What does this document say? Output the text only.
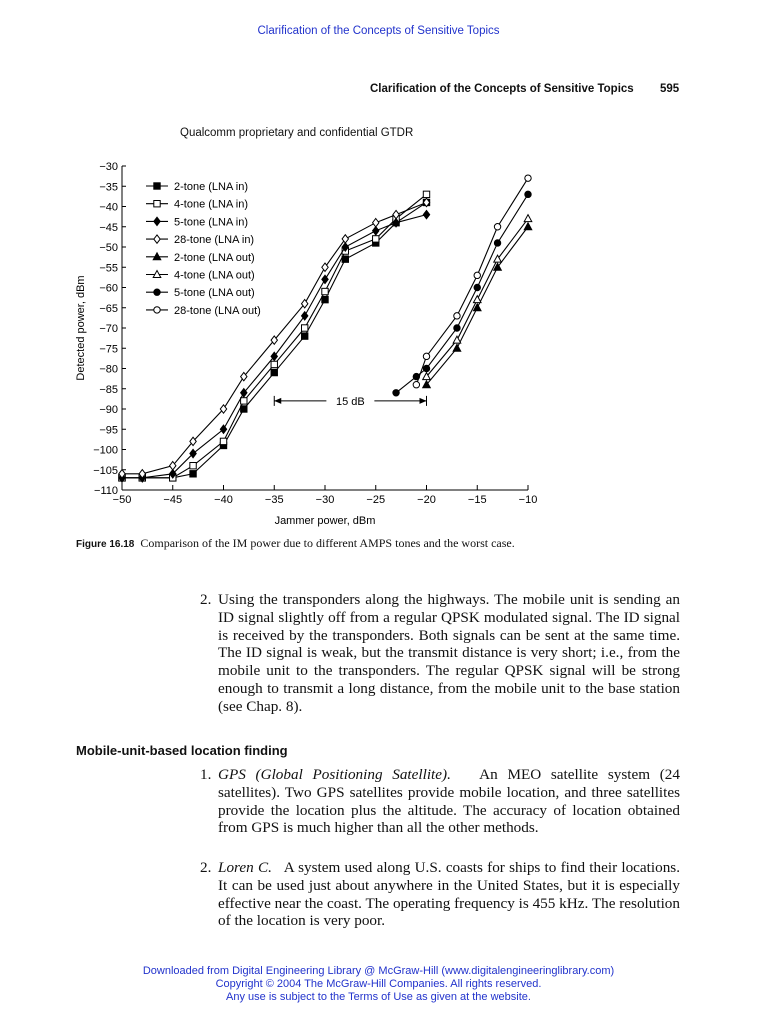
Clarification of the Concepts of Sensitive Topics
Clarification of the Concepts of Sensitive Topics 595
Qualcomm proprietary and confidential GTDR
−30
−35
−40
−45
−50
−55
−60
−65
−70
−75
−80
−85
−90
−95
−100
−105
−110
−50	−45	−40	−35	−30	−25	−20	−15	−10
Jammer power, dBm
Detected power, dBm
2-tone (LNA in)
4-tone (LNA in)
5-tone (LNA in)
28-tone (LNA in)
2-tone (LNA out)
4-tone (LNA out)
5-tone (LNA out)
28-tone (LNA out)
15 dB
Figure 16.18 Comparison of the IM power due to different AMPS tones and the worst case.
2. Using the transponders along the highways. The mobile unit is sending an ID signal slightly off from a regular QPSK modulated signal. The ID signal is received by the transponders. Both signals can be sent at the same time. The ID signal is weak, but the transmit distance is very short; i.e., from the mobile unit to the transponders. The regular QPSK signal will be strong enough to transmit a long distance, from the mobile unit to the base station (see Chap. 8).
Mobile-unit-based location finding
1. GPS (Global Positioning Satellite). An MEO satellite system (24 satellites). Two GPS satellites provide mobile location, and three satellites provide the location plus the altitude. The accuracy of location obtained from GPS is much higher than all the other methods.
2. Loren C. A system used along U.S. coasts for ships to find their locations. It can be used just about anywhere in the United States, but it is especially effective near the coast. The operating frequency is 455 kHz. The resolution of the location is very poor.
Downloaded from Digital Engineering Library @ McGraw-Hill (www.digitalengineeringlibrary.com)
Copyright © 2004 The McGraw-Hill Companies. All rights reserved.
Any use is subject to the Terms of Use as given at the website.
